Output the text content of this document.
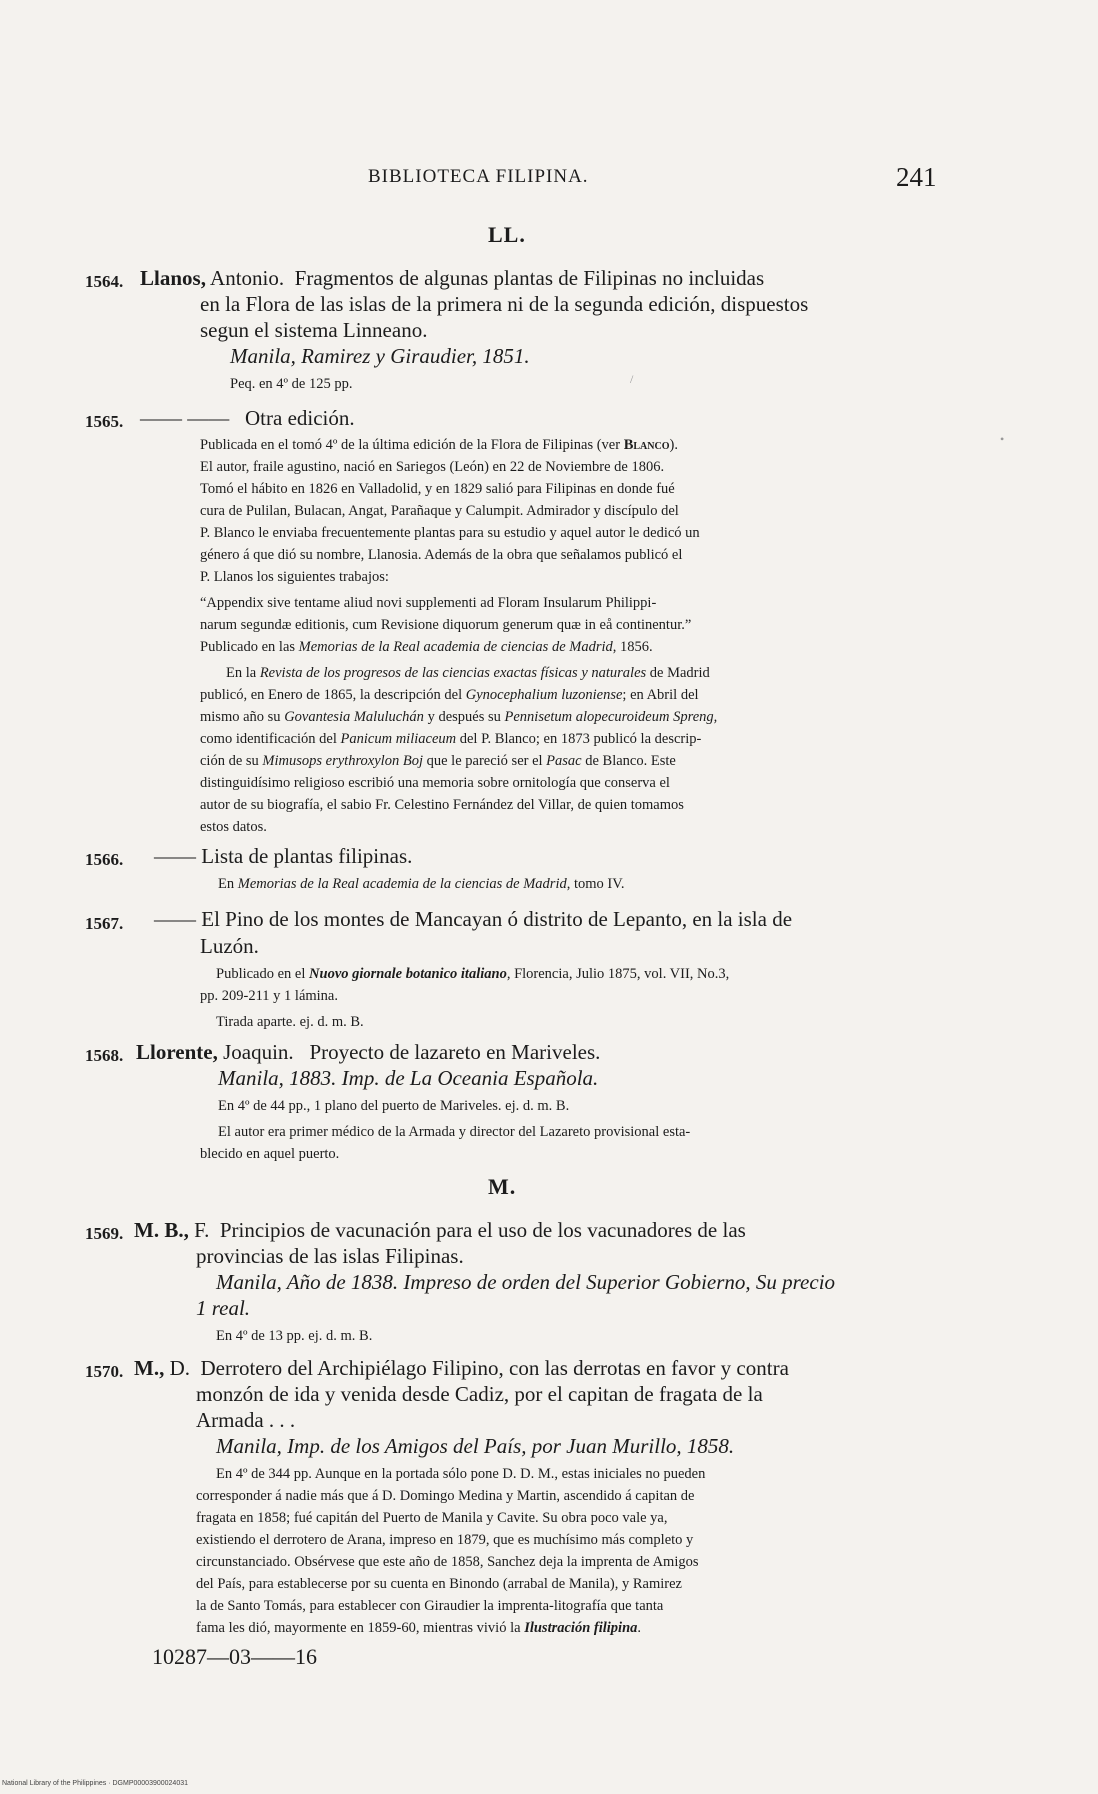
BIBLIOTECA FILIPINA.	241
LL.
1564. Llanos, Antonio. Fragmentos de algunas plantas de Filipinas no incluidas
en la Flora de las islas de la primera ni de la segunda edición, dispuestos
segun el sistema Linneano.
Manila, Ramirez y Giraudier, 1851.
Peq. en 4º de 125 pp.	/
1565. —— —— Otra edición.
Publicada en el tomó 4º de la última edición de la Flora de Filipinas (ver Blanco).
El autor, fraile agustino, nació en Sariegos (León) en 22 de Noviembre de 1806.
Tomó el hábito en 1826 en Valladolid, y en 1829 salió para Filipinas en donde fué
cura de Pulilan, Bulacan, Angat, Parañaque y Calumpit. Admirador y discípulo del
P. Blanco le enviaba frecuentemente plantas para su estudio y aquel autor le dedicó un
género á que dió su nombre, Llanosia. Además de la obra que señalamos publicó el
P. Llanos los siguientes trabajos:
“Appendix sive tentame aliud novi supplementi ad Floram Insularum Philippi-
narum segundæ editionis, cum Revisione diquorum generum quæ in eå continentur.”
Publicado en las Memorias de la Real academia de ciencias de Madrid, 1856.
En la Revista de los progresos de las ciencias exactas físicas y naturales de Madrid
publicó, en Enero de 1865, la descripción del Gynocephalium luzoniense; en Abril del
mismo año su Govantesia Maluluchán y después su Pennisetum alopecuroideum Spreng,
como identificación del Panicum miliaceum del P. Blanco; en 1873 publicó la descrip-
ción de su Mimusops erythroxylon Boj que le pareció ser el Pasac de Blanco. Este
distinguidísimo religioso escribió una memoria sobre ornitología que conserva el
autor de su biografía, el sabio Fr. Celestino Fernández del Villar, de quien tomamos
estos datos.
•
1566. —— Lista de plantas filipinas.
En Memorias de la Real academia de la ciencias de Madrid, tomo IV.
1567. —— El Pino de los montes de Mancayan ó distrito de Lepanto, en la isla de
Luzón.
Publicado en el Nuovo giornale botanico italiano, Florencia, Julio 1875, vol. VII, No.3,
pp. 209-211 y 1 lámina.
Tirada aparte. ej. d. m. B.
1568. Llorente, Joaquin. Proyecto de lazareto en Mariveles.
Manila, 1883. Imp. de La Oceania Española.
En 4º de 44 pp., 1 plano del puerto de Mariveles. ej. d. m. B.
El autor era primer médico de la Armada y director del Lazareto provisional esta-
blecido en aquel puerto.
M.
1569. M. B., F. Principios de vacunación para el uso de los vacunadores de las
provincias de las islas Filipinas.
Manila, Año de 1838. Impreso de orden del Superior Gobierno, Su precio
1 real.
En 4º de 13 pp. ej. d. m. B.
1570. M., D. Derrotero del Archipiélago Filipino, con las derrotas en favor y contra
monzón de ida y venida desde Cadiz, por el capitan de fragata de la
Armada . . .
Manila, Imp. de los Amigos del País, por Juan Murillo, 1858.
En 4º de 344 pp. Aunque en la portada sólo pone D. D. M., estas iniciales no pueden
corresponder á nadie más que á D. Domingo Medina y Martin, ascendido á capitan de
fragata en 1858; fué capitán del Puerto de Manila y Cavite. Su obra poco vale ya,
existiendo el derrotero de Arana, impreso en 1879, que es muchísimo más completo y
circunstanciado. Obsérvese que este año de 1858, Sanchez deja la imprenta de Amigos
del País, para establecerse por su cuenta en Binondo (arrabal de Manila), y Ramirez
la de Santo Tomás, para establecer con Giraudier la imprenta-litografía que tanta
fama les dió, mayormente en 1859-60, mientras vivió la Ilustración filipina.
10287—03——16
National Library of the Philippines · DGMP00003900024031
